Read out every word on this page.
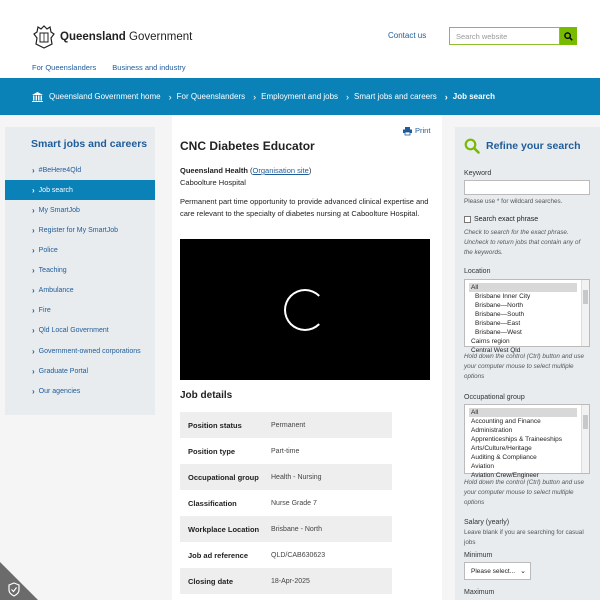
Queensland Government	Contact us	Search website
For Queenslanders Business and industry
Queensland Government home › For Queenslanders › Employment and jobs › Smart jobs and careers › Job search
Smart jobs and careers
› #BeHere4Qld
› Job search
› My SmartJob
› Register for My SmartJob
› Police
› Teaching
› Ambulance
› Fire
› Qld Local Government
› Government-owned corporations
› Graduate Portal
› Our agencies
Print
CNC Diabetes Educator
Queensland Health (Organisation site)
Caboolture Hospital
Permanent part time opportunity to provide advanced clinical expertise and care relevant to the specialty of diabetes nursing at Caboolture Hospital.
Job details
Position status	Permanent
Position type	Part-time
Occupational group	Health - Nursing
Classification	Nurse Grade 7
Workplace Location	Brisbane - North
Job ad reference	QLD/CAB630623
Closing date	18-Apr-2025
Refine your search
Keyword
Please use * for wildcard searches.
Search exact phrase
Check to search for the exact phrase. Uncheck to return jobs that contain any of the keywords.
Location
All
Brisbane Inner City
Brisbane—North
Brisbane—South
Brisbane—East
Brisbane—West
Cairns region
Central West Qld
Hold down the control (Ctrl) button and use your computer mouse to select multiple options
Occupational group
All
Accounting and Finance
Administration
Apprenticeships & Traineeships
Arts/Culture/Heritage
Auditing & Compliance
Aviation
Aviation Crew/Engineer
Hold down the control (Ctrl) button and use your computer mouse to select multiple options
Salary (yearly)
Leave blank if you are searching for casual jobs
Minimum
Please select... ⌄
Maximum
